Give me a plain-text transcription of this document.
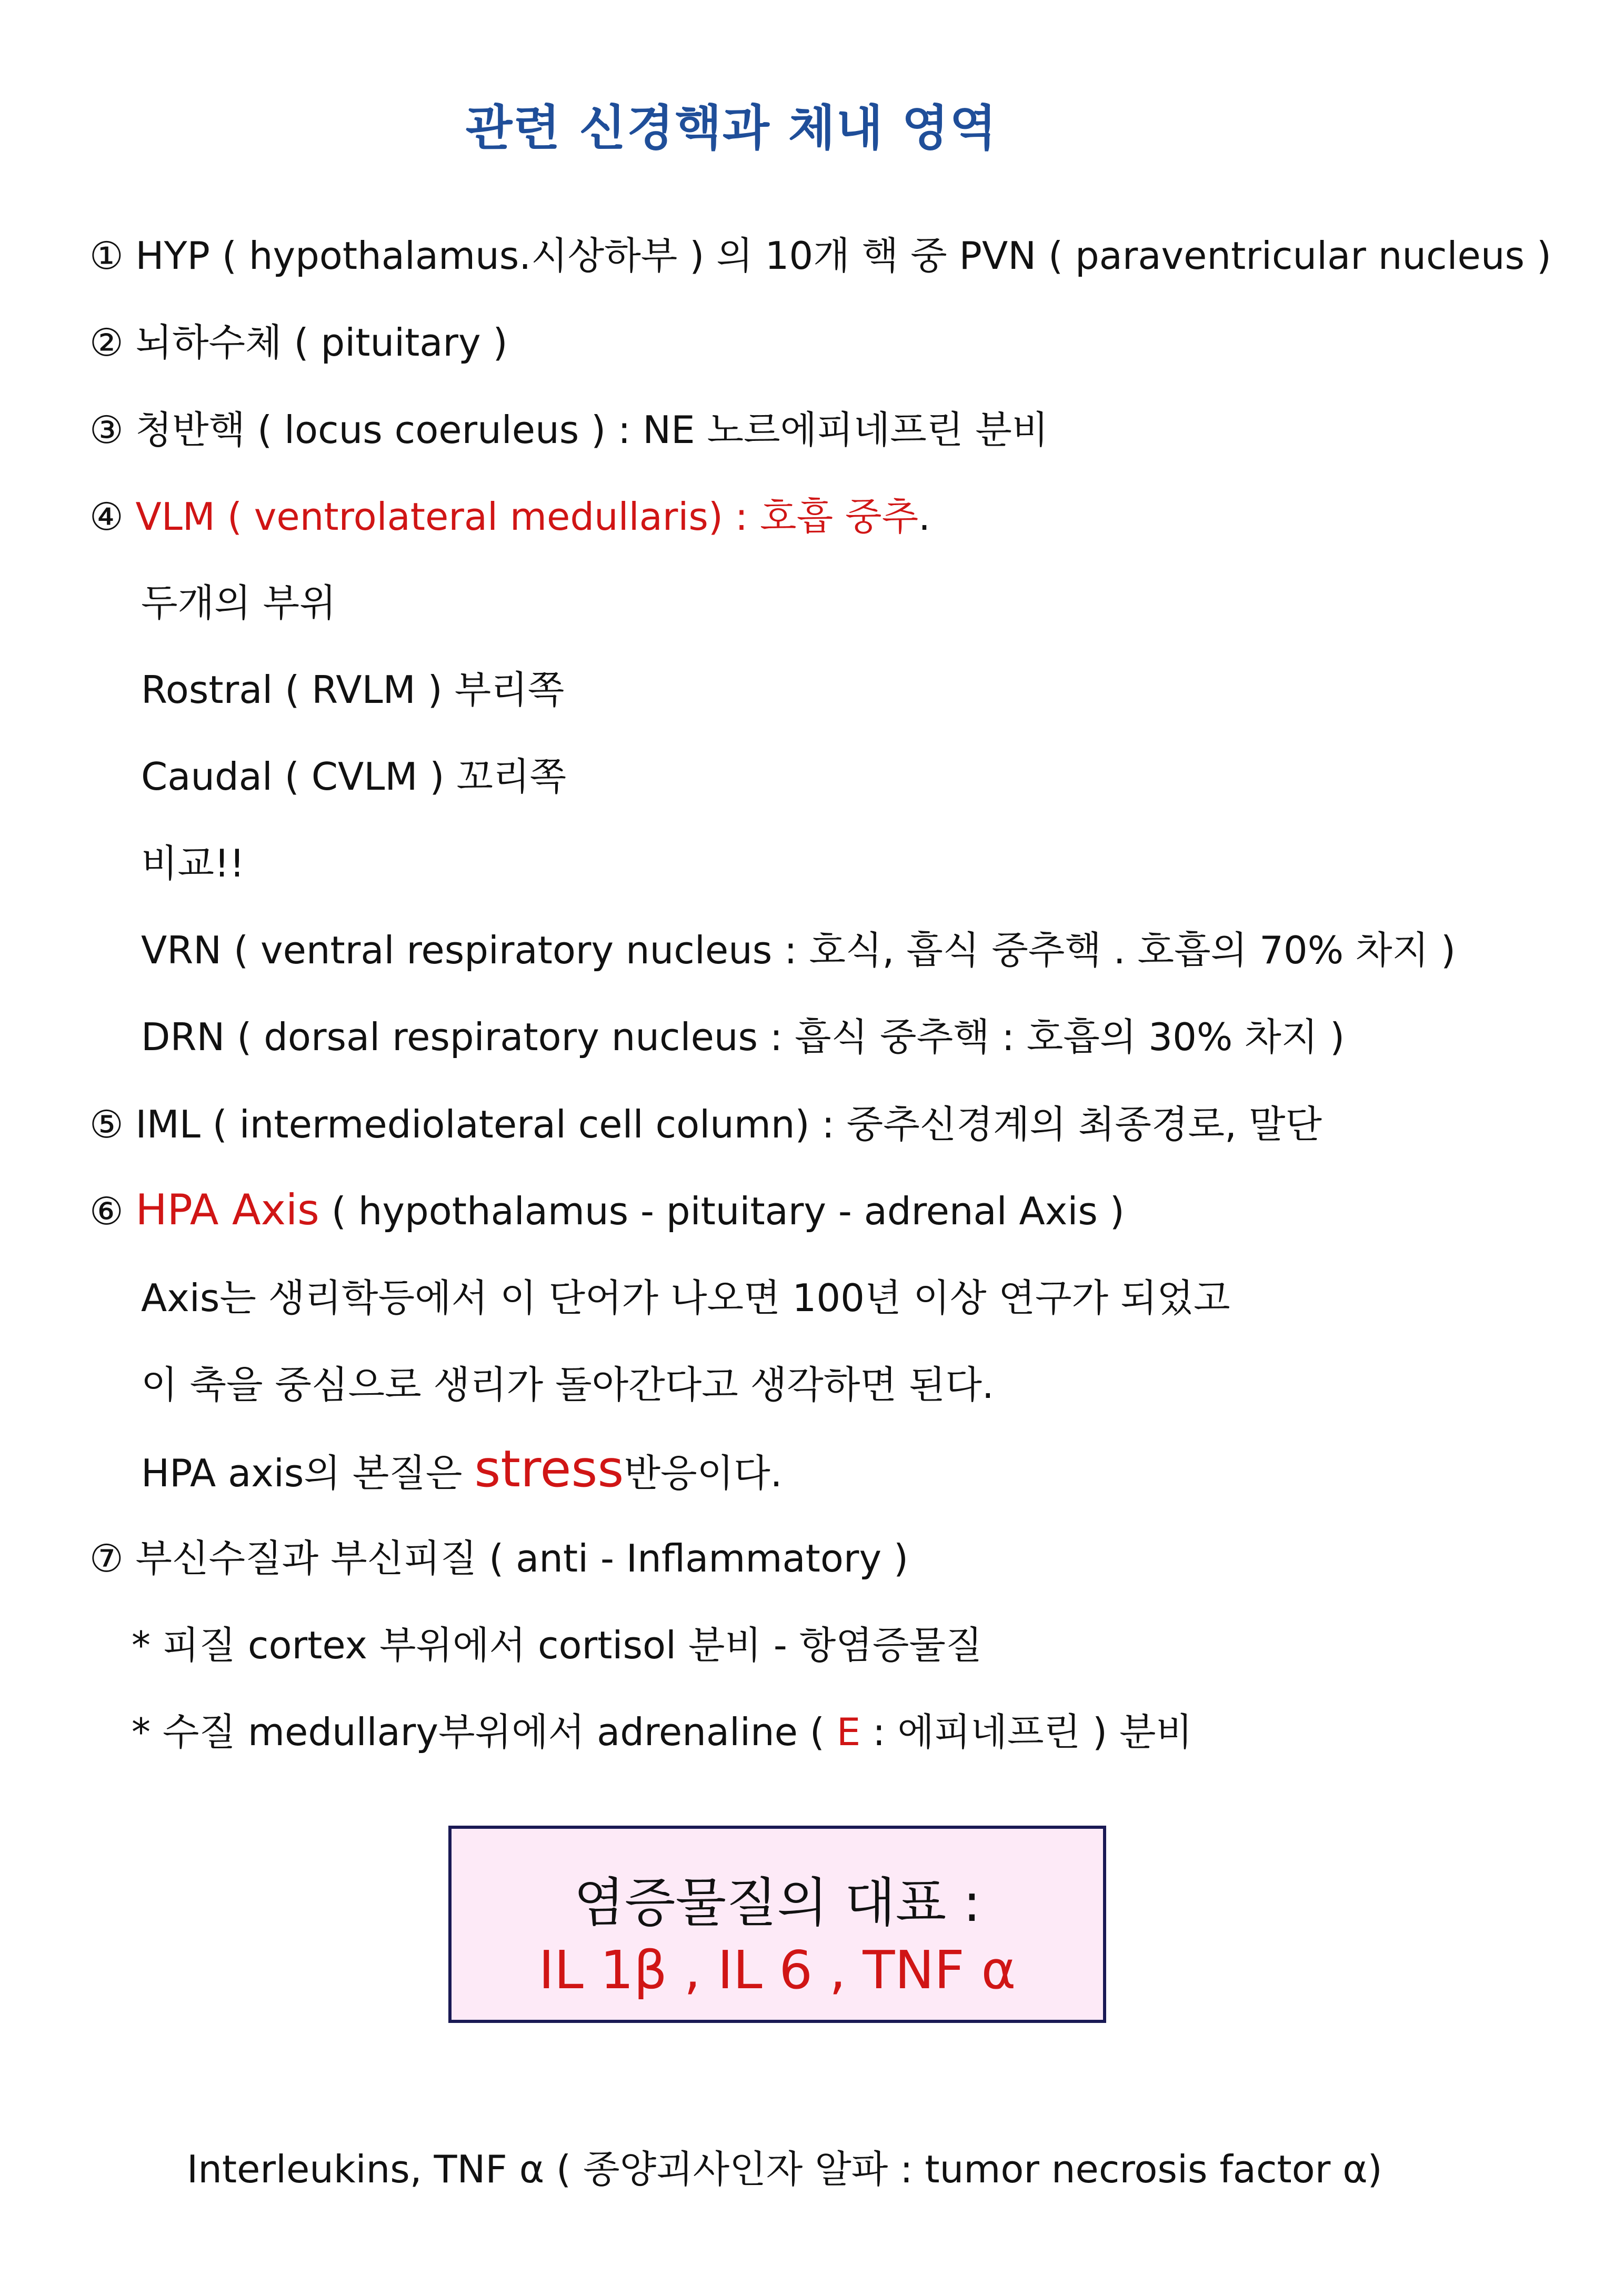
관련 신경핵과 체내 영역
① HYP ( hypothalamus.시상하부 ) 의 10개 핵 중 PVN ( paraventricular nucleus )
② 뇌하수체 ( pituitary )
③ 청반핵 ( locus coeruleus ) : NE 노르에피네프린 분비
④ VLM ( ventrolateral medullaris) : 호흡 중추.
두개의 부위
Rostral ( RVLM ) 부리쪽
Caudal ( CVLM ) 꼬리쪽
비교!!
VRN ( ventral respiratory nucleus : 호식, 흡식 중추핵 . 호흡의 70% 차지 )
DRN ( dorsal respiratory nucleus : 흡식 중추핵 : 호흡의 30% 차지 )
⑤ IML ( intermediolateral cell column) : 중추신경계의 최종경로, 말단
⑥ HPA Axis ( hypothalamus - pituitary - adrenal Axis )
Axis는 생리학등에서 이 단어가 나오면 100년 이상 연구가 되었고
이 축을 중심으로 생리가 돌아간다고 생각하면 된다.
HPA axis의 본질은 stress반응이다.
⑦ 부신수질과 부신피질 ( anti - Inflammatory )
* 피질 cortex 부위에서 cortisol 분비 - 항염증물질
* 수질 medullary부위에서 adrenaline ( E : 에피네프린 ) 분비
염증물질의 대표 :
IL 1β , IL 6 , TNF α
Interleukins, TNF α ( 종양괴사인자 알파 : tumor necrosis factor α)
